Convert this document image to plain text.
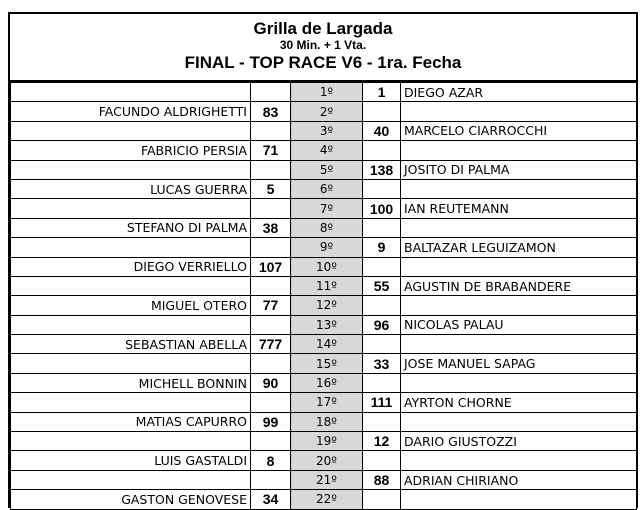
Grilla de Largada
30 Min. + 1 Vta.
FINAL - TOP RACE V6 - 1ra. Fecha
		1º	1	DIEGO AZAR
FACUNDO ALDRIGHETTI	83	2º		
		3º	40	MARCELO CIARROCCHI
FABRICIO PERSIA	71	4º		
		5º	138	JOSITO DI PALMA
LUCAS GUERRA	5	6º		
		7º	100	IAN REUTEMANN
STEFANO DI PALMA	38	8º		
		9º	9	BALTAZAR LEGUIZAMON
DIEGO VERRIELLO	107	10º		
		11º	55	AGUSTIN DE BRABANDERE
MIGUEL OTERO	77	12º		
		13º	96	NICOLAS PALAU
SEBASTIAN ABELLA	777	14º		
		15º	33	JOSE MANUEL SAPAG
MICHELL BONNIN	90	16º		
		17º	111	AYRTON CHORNE
MATIAS CAPURRO	99	18º		
		19º	12	DARIO GIUSTOZZI
LUIS GASTALDI	8	20º		
		21º	88	ADRIAN CHIRIANO
GASTON GENOVESE	34	22º		
